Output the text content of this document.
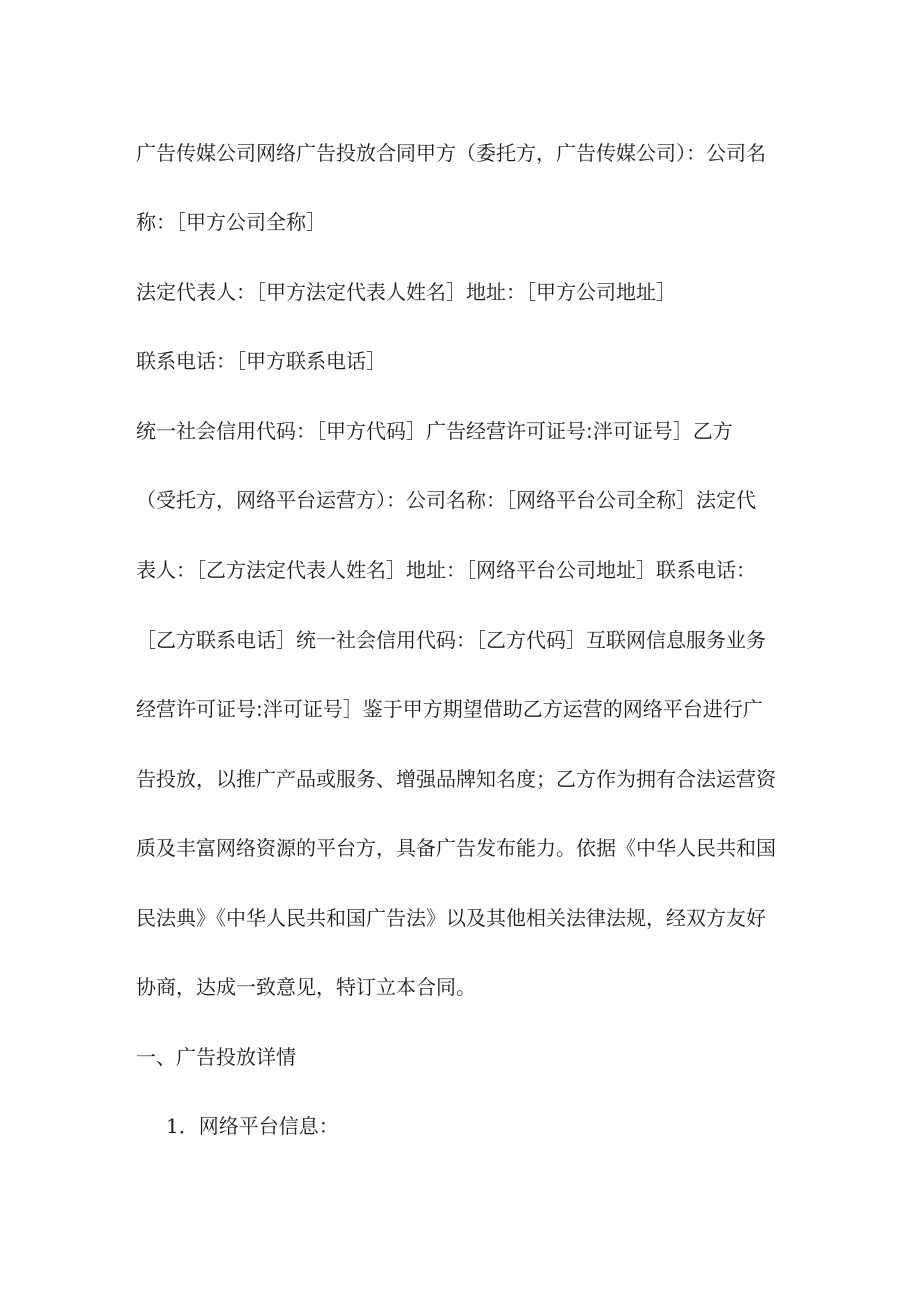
广告传媒公司网络广告投放合同甲方（委托方，广告传媒公司）：公司名
称：［甲方公司全称］
法定代表人：［甲方法定代表人姓名］地址：［甲方公司地址］
联系电话：［甲方联系电话］
统一社会信用代码：［甲方代码］广告经营许可证号:泮可证号］乙方
（受托方，网络平台运营方）：公司名称：［网络平台公司全称］法定代
表人：［乙方法定代表人姓名］地址：［网络平台公司地址］联系电话：
［乙方联系电话］统一社会信用代码：［乙方代码］互联网信息服务业务
经营许可证号:泮可证号］鉴于甲方期望借助乙方运营的网络平台进行广
告投放，以推广产品或服务、增强品牌知名度；乙方作为拥有合法运营资
质及丰富网络资源的平台方，具备广告发布能力。依据《中华人民共和国
民法典》《中华人民共和国广告法》以及其他相关法律法规，经双方友好
协商，达成一致意见，特订立本合同。
一、广告投放详情
1．网络平台信息：
